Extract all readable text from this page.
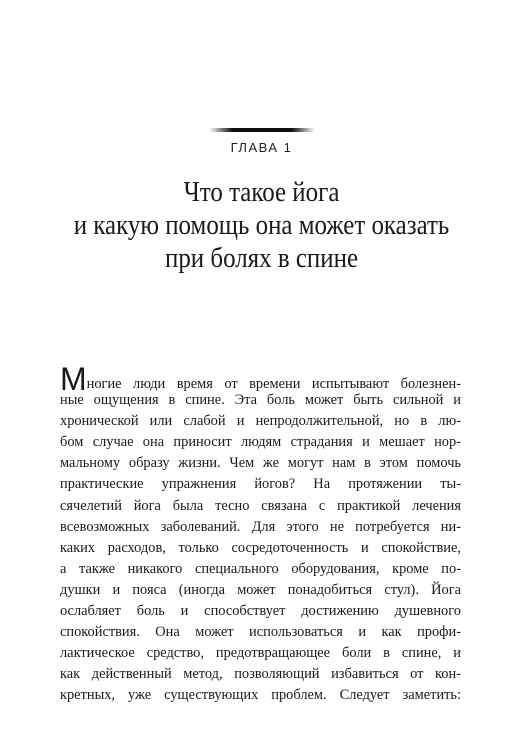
ГЛАВА 1
Что такое йога
и какую помощь она может оказать
при болях в спине
Многие люди время от времени испытывают болезнен-
ные ощущения в спине. Эта боль может быть сильной и
хронической или слабой и непродолжительной, но в лю-
бом случае она приносит людям страдания и мешает нор-
мальному образу жизни. Чем же могут нам в этом помочь
практические упражнения йогов? На протяжении ты-
сячелетий йога была тесно связана с практикой лечения
всевозможных заболеваний. Для этого не потребуется ни-
каких расходов, только сосредоточенность и спокойствие,
а также никакого специального оборудования, кроме по-
душки и пояса (иногда может понадобиться стул). Йога
ослабляет боль и способствует достижению душевного
спокойствия. Она может использоваться и как профи-
лактическое средство, предотвращающее боли в спине, и
как действенный метод, позволяющий избавиться от кон-
кретных, уже существующих проблем. Следует заметить:
